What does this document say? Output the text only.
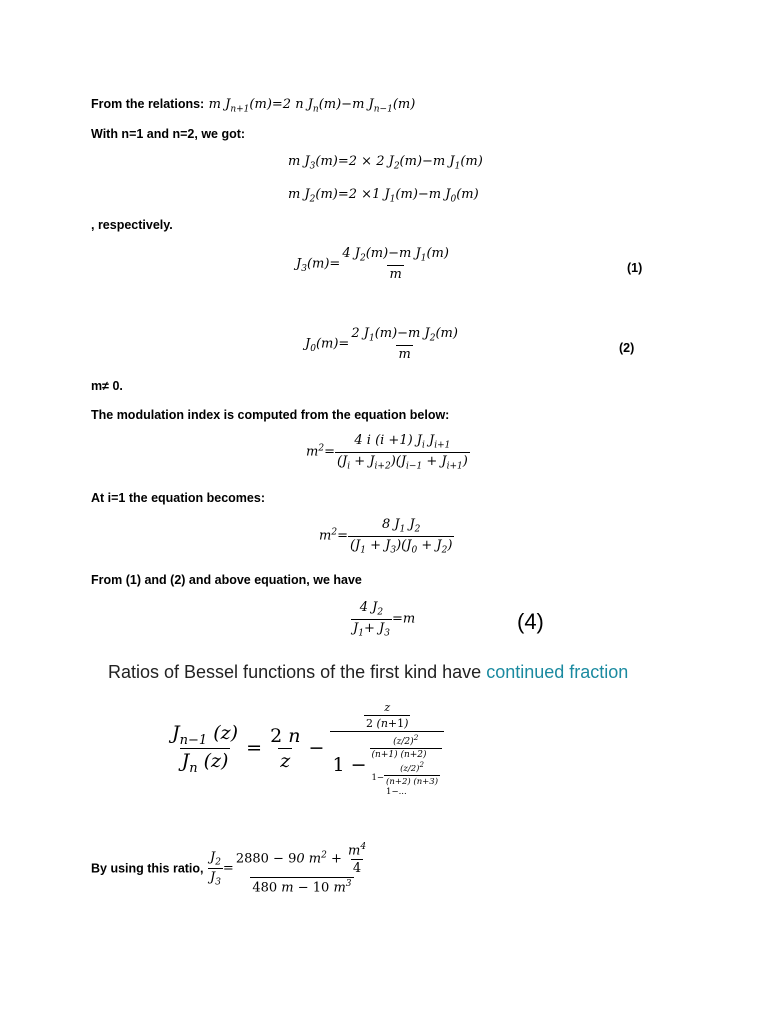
From the relations: m $J_{n+1}(m)=2$ n $J_n(m)-m$ $J_{n-1}(m)$
With n=1 and n=2, we got:
m $J_3(m)=2 \times 2$ $J_2(m)-m$ $J_1(m)$
m $J_2(m)=2 \times 1$ $J_1(m)-m$ $J_0(m)$
, respectively.
$J_3(m)= \frac{4 J_2(m)-m J_1(m)}{m}$	(1)
$J_0(m)= \frac{2 J_1(m)-m J_2(m)}{m}$	(2)
m≠ 0.
The modulation index is computed from the equation below:
$m^2= \frac{4 i (i +1) J_i J_{i+1}}{(J_i + J_{i+2})(J_{i-1} + J_{i+1})}$
At i=1 the equation becomes:
$m^2= \frac{8 J_1 J_2}{(J_1 + J_3)(J_0 + J_2)}$
From (1) and (2) and above equation, we have
$\frac{4 J_2}{J_1+ J_3} =m$	(4)
Ratios of Bessel functions of the first kind have continued fraction
$\frac{J_{n-1} (z)}{J_n (z)} = \frac{2 n}{z}$ −
$\frac{z}{2 (n+1)}$
1 −
$(z/2)^2$
(n+1) (n+2)
$1- (z/2)^2$
(n+2) (n+3)
1−...
By using this ratio, $\frac{J_2}{J_3} = \frac{2880 - 90 m^2 + \frac{m^4}{4}}{480 m - 10 m^3}$
